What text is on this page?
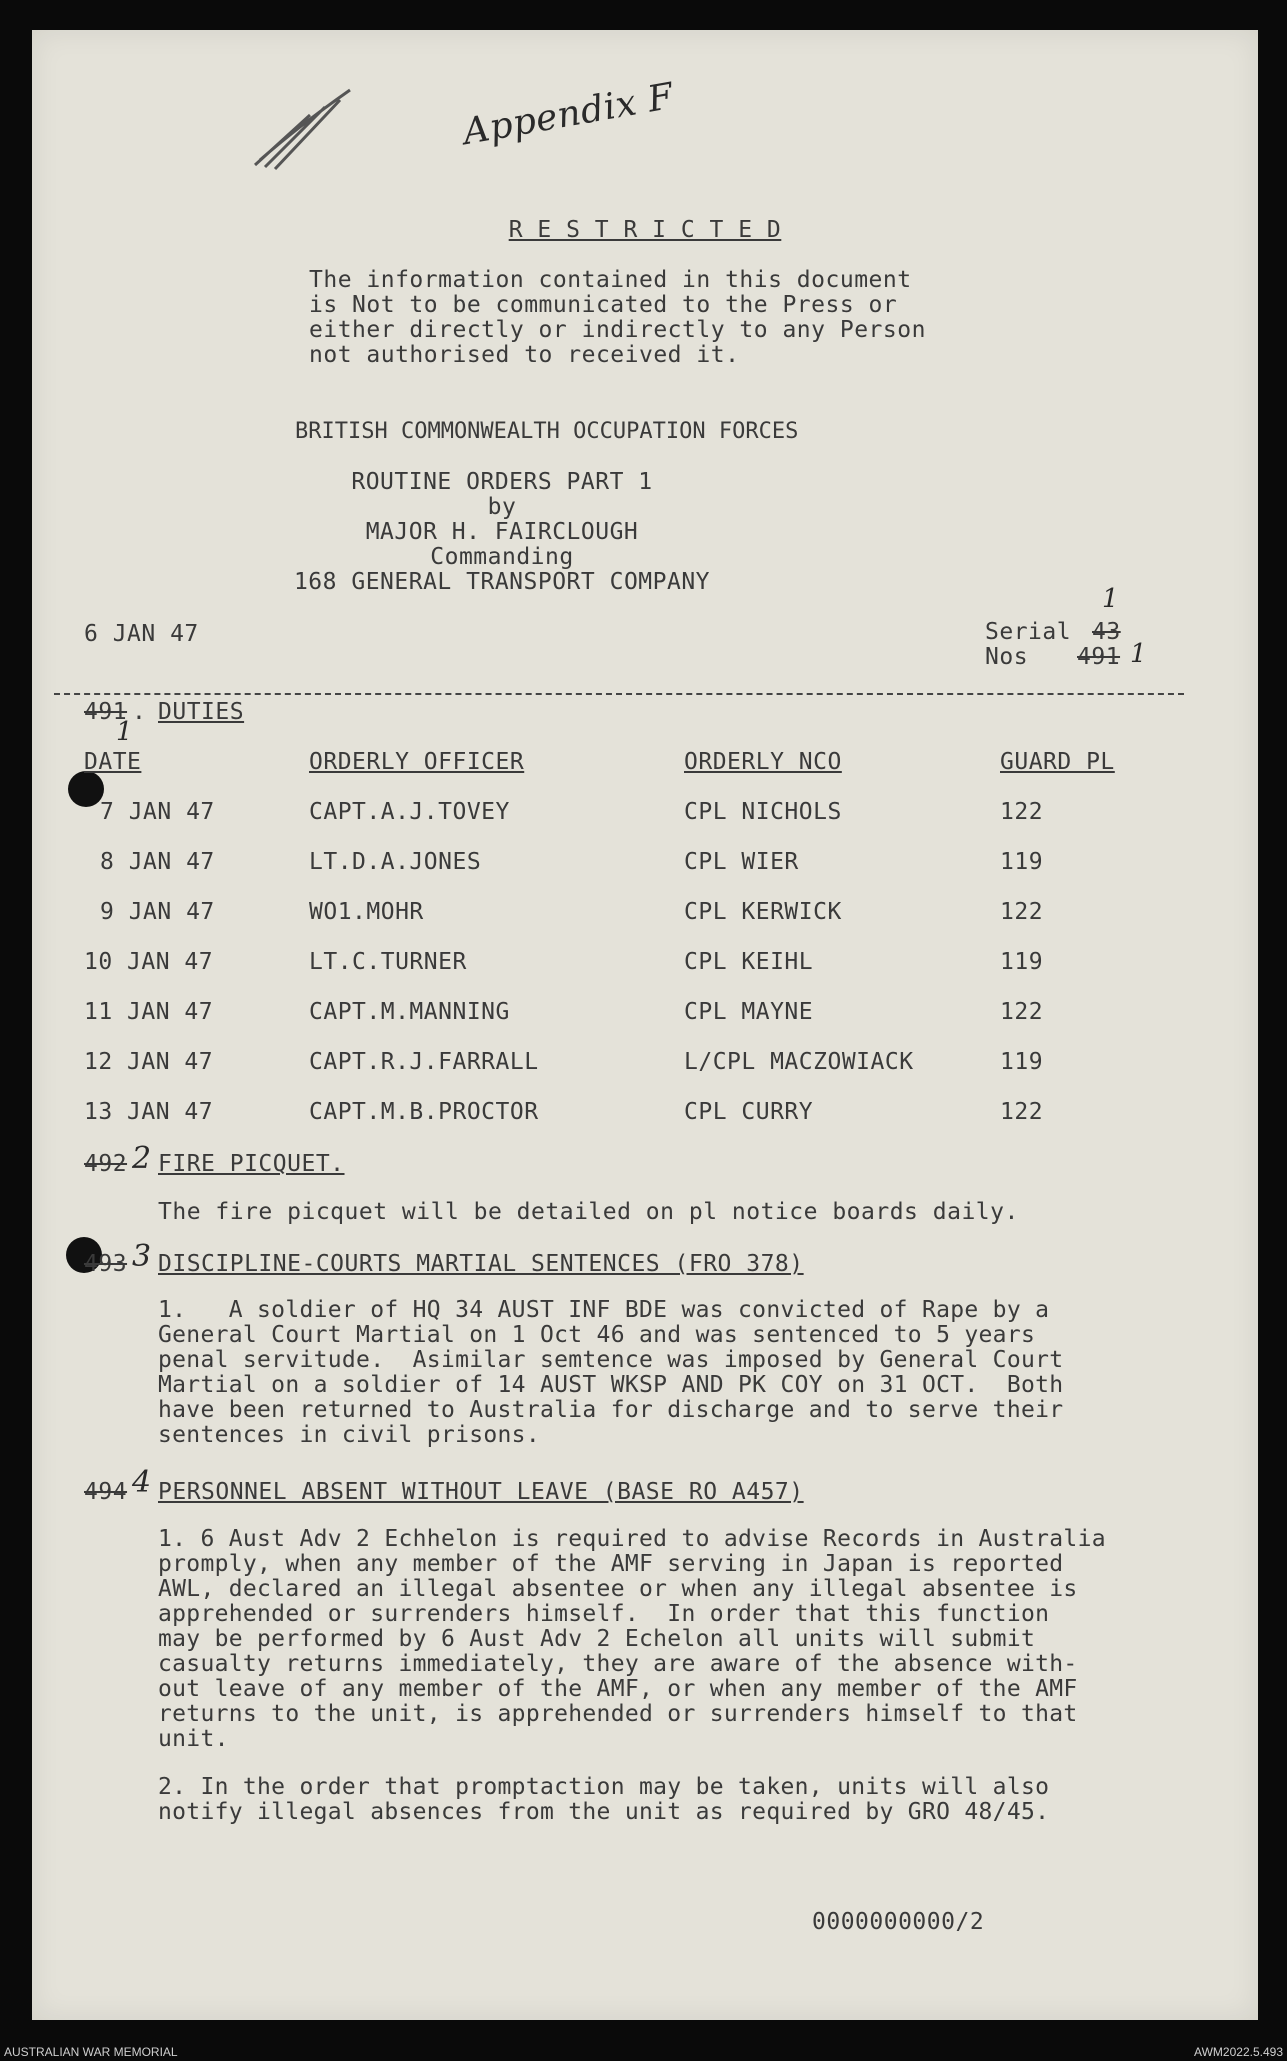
Appendix F
R E S T R I C T E D
The information contained in this document
is Not to be communicated to the Press or
either directly or indirectly to any Person
not authorised to received it.
BRITISH COMMONWEALTH OCCUPATION FORCES
ROUTINE ORDERS PART 1
by
MAJOR H. FAIRCLOUGH
Commanding
168 GENERAL TRANSPORT COMPANY
6 JAN 47
1
Serial 43
Nos 491 1
491 . DUTIES
1
DATE	ORDERLY OFFICER	ORDERLY NCO	GUARD PL
7 JAN 47	CAPT.A.J.TOVEY	CPL NICHOLS	122
8 JAN 47	LT.D.A.JONES	CPL WIER	119
9 JAN 47	WO1.MOHR	CPL KERWICK	122
10 JAN 47	LT.C.TURNER	CPL KEIHL	119
11 JAN 47	CAPT.M.MANNING	CPL MAYNE	122
12 JAN 47	CAPT.R.J.FARRALL	L/CPL MACZOWIACK	119
13 JAN 47	CAPT.M.B.PROCTOR	CPL CURRY	122
492 2 FIRE PICQUET.
The fire picquet will be detailed on pl notice boards daily.
493 3 DISCIPLINE-COURTS MARTIAL SENTENCES (FRO 378)
1.   A soldier of HQ 34 AUST INF BDE was convicted of Rape by a
General Court Martial on 1 Oct 46 and was sentenced to 5 years
penal servitude.  Asimilar semtence was imposed by General Court
Martial on a soldier of 14 AUST WKSP AND PK COY on 31 OCT.  Both
have been returned to Australia for discharge and to serve their
sentences in civil prisons.
494 4 PERSONNEL ABSENT WITHOUT LEAVE (BASE RO A457)
1. 6 Aust Adv 2 Echhelon is required to advise Records in Australia
promply, when any member of the AMF serving in Japan is reported
AWL, declared an illegal absentee or when any illegal absentee is
apprehended or surrenders himself.  In order that this function
may be performed by 6 Aust Adv 2 Echelon all units will submit
casualty returns immediately, they are aware of the absence with-
out leave of any member of the AMF, or when any member of the AMF
returns to the unit, is apprehended or surrenders himself to that
unit.
2. In the order that promptaction may be taken, units will also
notify illegal absences from the unit as required by GRO 48/45.
0000000000/2
AUSTRALIAN WAR MEMORIAL	AWM2022.5.493
